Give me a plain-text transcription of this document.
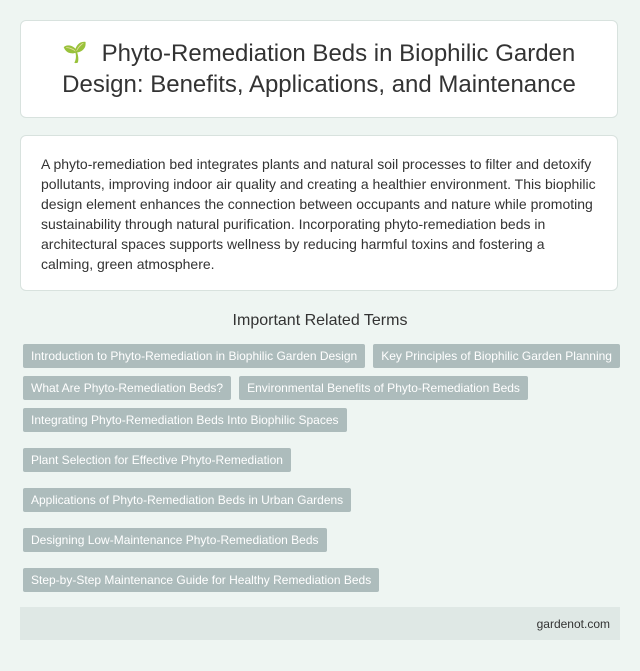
🌱 Phyto-Remediation Beds in Biophilic Garden Design: Benefits, Applications, and Maintenance

A phyto-remediation bed integrates plants and natural soil processes to filter and detoxify pollutants, improving indoor air quality and creating a healthier environment. This biophilic design element enhances the connection between occupants and nature while promoting sustainability through natural purification. Incorporating phyto-remediation beds in architectural spaces supports wellness by reducing harmful toxins and fostering a calming, green atmosphere.

Important Related Terms
Introduction to Phyto-Remediation in Biophilic Garden Design	Key Principles of Biophilic Garden Planning
What Are Phyto-Remediation Beds?	Environmental Benefits of Phyto-Remediation Beds
Integrating Phyto-Remediation Beds Into Biophilic Spaces
Plant Selection for Effective Phyto-Remediation
Applications of Phyto-Remediation Beds in Urban Gardens
Designing Low-Maintenance Phyto-Remediation Beds
Step-by-Step Maintenance Guide for Healthy Remediation Beds
gardenot.com
